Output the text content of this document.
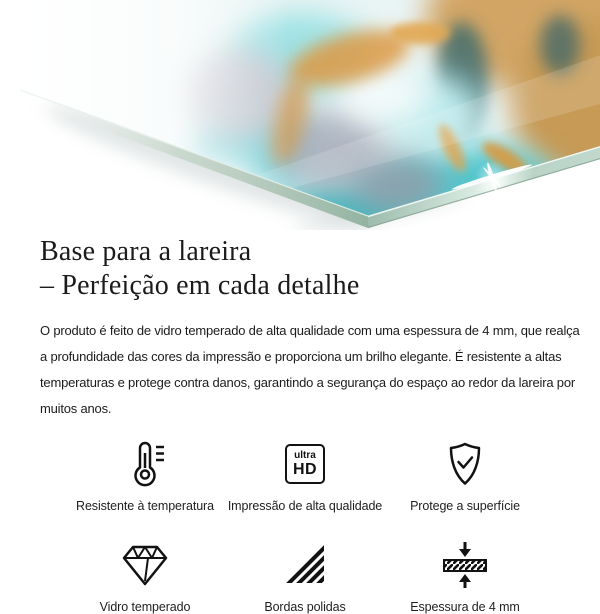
Base para a lareira
– Perfeição em cada detalhe

O produto é feito de vidro temperado de alta qualidade com uma espessura de 4 mm, que realça a profundidade das cores da impressão e proporciona um brilho elegante. É resistente a altas temperaturas e protege contra danos, garantindo a segurança do espaço ao redor da lareira por muitos anos.

Resistente à temperatura
ultra
HD
Impressão de alta qualidade Protege a superfície
Vidro temperado	Bordas polidas	Espessura de 4 mm
